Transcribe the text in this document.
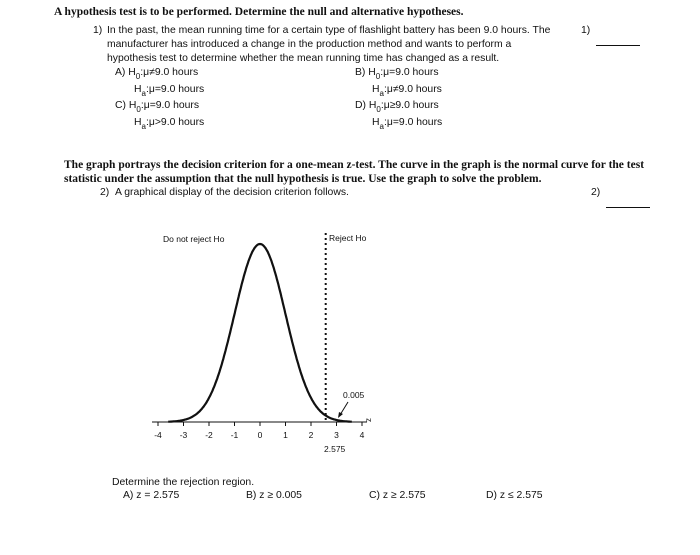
A hypothesis test is to be performed. Determine the null and alternative hypotheses.
1) In the past, the mean running time for a certain type of flashlight battery has been 9.0 hours. The
manufacturer has introduced a change in the production method and wants to perform a
hypothesis test to determine whether the mean running time has changed as a result.
1)
A) $H_0:\mu\ne 9.0$ hours
$H_a:\mu=9.0$ hours
B) $H_0:\mu=9.0$ hours
$H_a:\mu\ne 9.0$ hours
C) $H_0:\mu=9.0$ hours
$H_a:\mu>9.0$ hours
D) $H_0:\mu\ge 9.0$ hours
$H_a:\mu=9.0$ hours
The graph portrays the decision criterion for a one-mean z-test. The curve in the graph is the normal curve for the test
statistic under the assumption that the null hypothesis is true. Use the graph to solve the problem.
2) A graphical display of the decision criterion follows.	2)
Do not reject Ho	Reject Ho
-4 -3 -2 -1 0 1 2 3 4
0.005
z
2.575
Determine the rejection region.
A) z = 2.575	B) z ≥ 0.005	C) z ≥ 2.575	D) z ≤ 2.575
